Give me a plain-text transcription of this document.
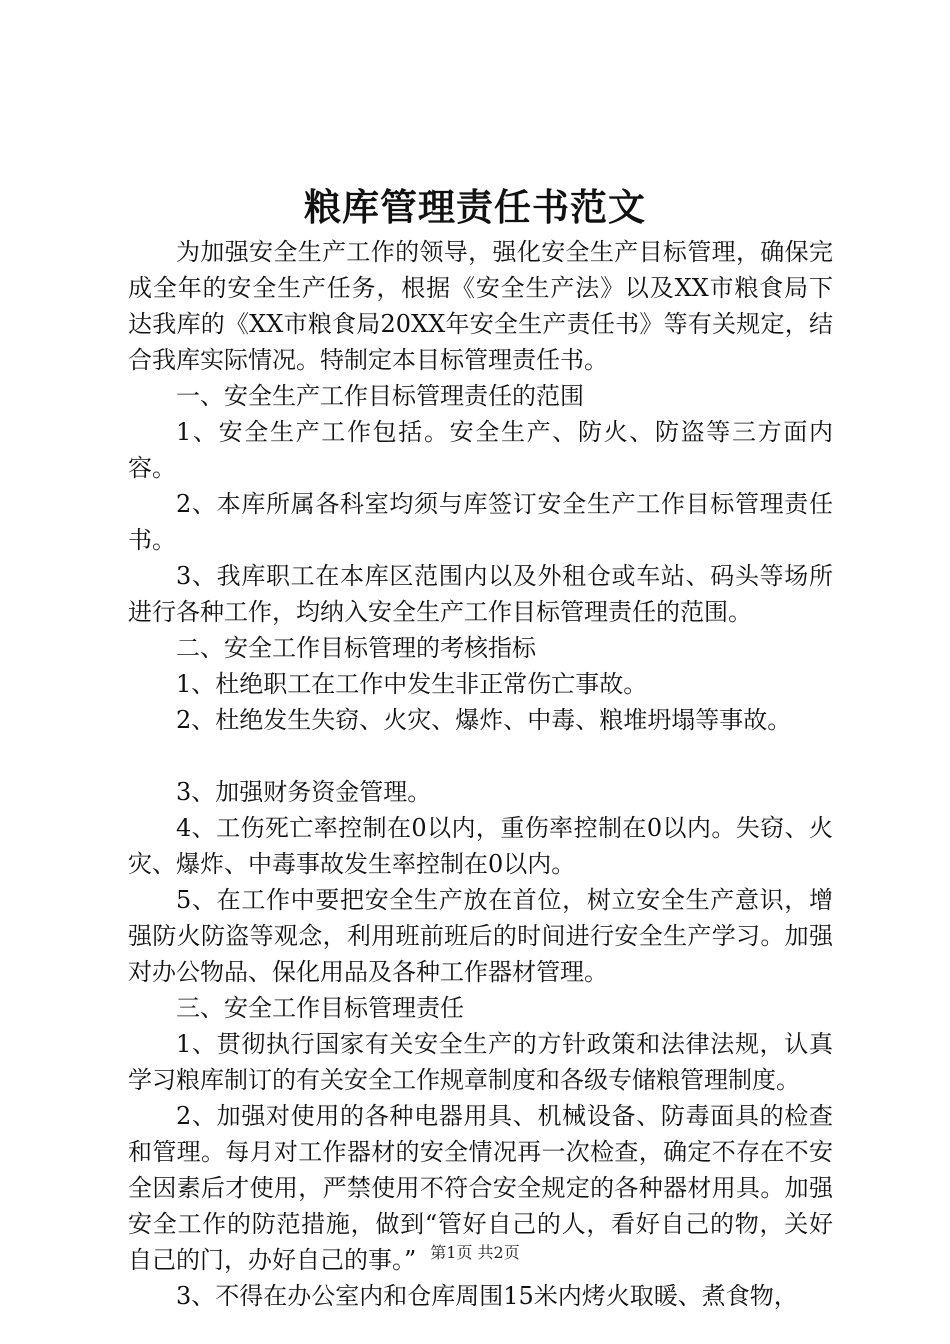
粮库管理责任书范文

为加强安全生产工作的领导，强化安全生产目标管理，确保完成全年的安全生产任务，根据《安全生产法》以及XX市粮食局下达我库的《XX市粮食局20XX年安全生产责任书》等有关规定，结合我库实际情况。特制定本目标管理责任书。

一、安全生产工作目标管理责任的范围

1、安全生产工作包括。安全生产、防火、防盗等三方面内容。

2、本库所属各科室均须与库签订安全生产工作目标管理责任书。

3、我库职工在本库区范围内以及外租仓或车站、码头等场所进行各种工作，均纳入安全生产工作目标管理责任的范围。

二、安全工作目标管理的考核指标

1、杜绝职工在工作中发生非正常伤亡事故。

2、杜绝发生失窃、火灾、爆炸、中毒、粮堆坍塌等事故。

3、加强财务资金管理。

4、工伤死亡率控制在0以内，重伤率控制在0以内。失窃、火灾、爆炸、中毒事故发生率控制在0以内。

5、在工作中要把安全生产放在首位，树立安全生产意识，增强防火防盗等观念，利用班前班后的时间进行安全生产学习。加强对办公物品、保化用品及各种工作器材管理。

三、安全工作目标管理责任

1、贯彻执行国家有关安全生产的方针政策和法律法规，认真学习粮库制订的有关安全工作规章制度和各级专储粮管理制度。

2、加强对使用的各种电器用具、机械设备、防毒面具的检查和管理。每月对工作器材的安全情况再一次检查，确定不存在不安全因素后才使用，严禁使用不符合安全规定的各种器材用具。加强安全工作的防范措施，做到“管好自己的人，看好自己的物，关好自己的门，办好自己的事。”

3、不得在办公室内和仓库周围15米内烤火取暖、煮食物，

第1页 共2页
